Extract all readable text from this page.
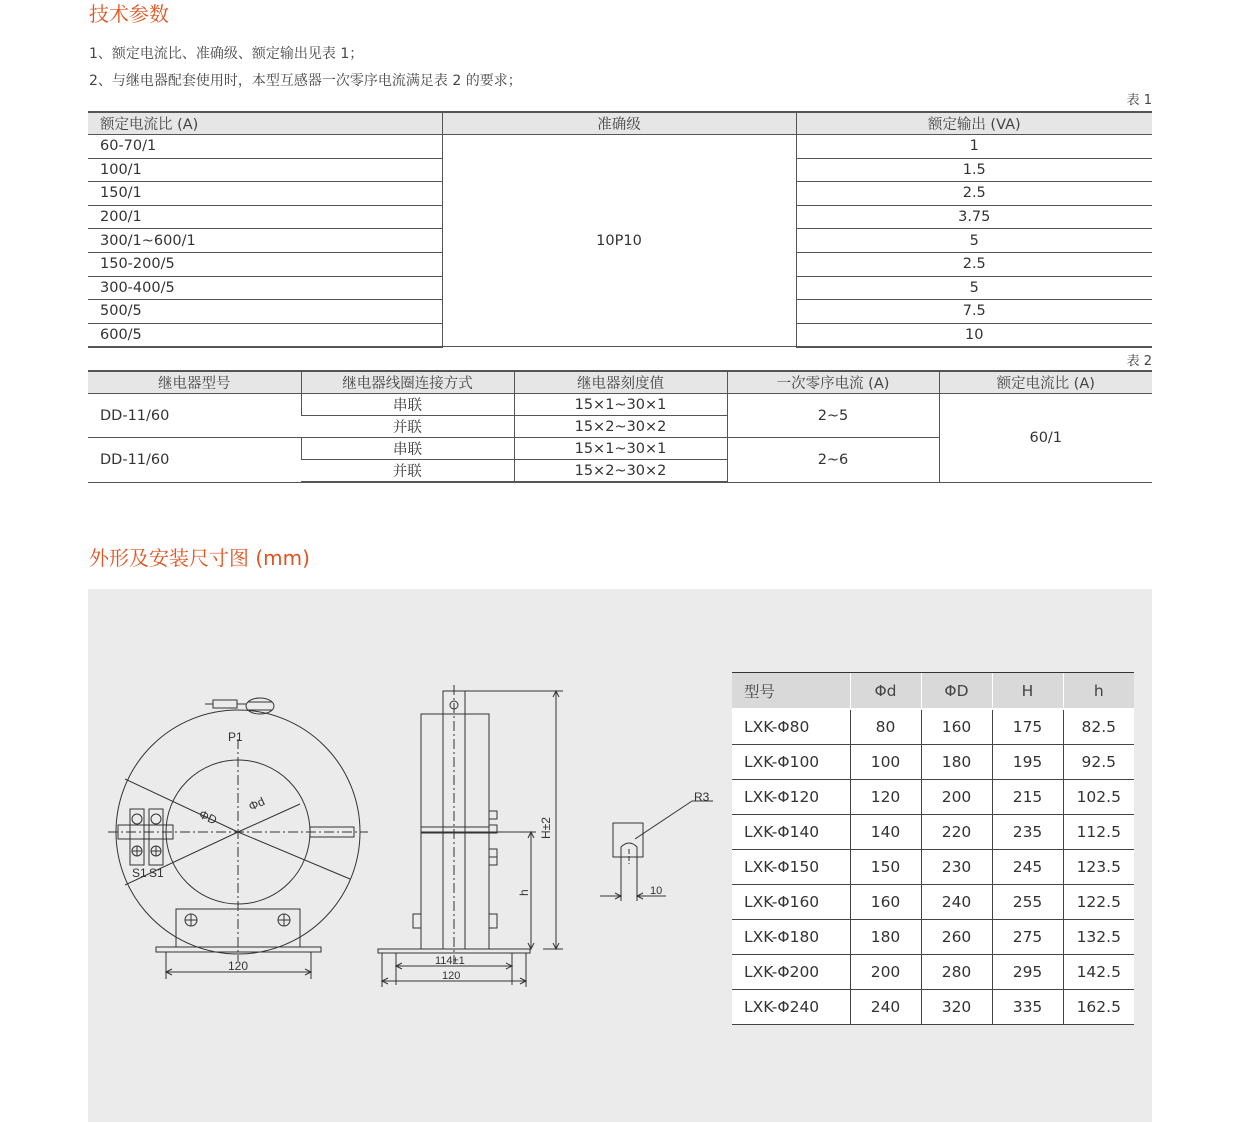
技术参数
1、额定电流比、准确级、额定输出见表 1；
2、与继电器配套使用时，本型互感器一次零序电流满足表 2 的要求；
表 1
额定电流比 (A)	准确级	额定输出 (VA)
60-70/1	10P10	1
100/1		1.5
150/1		2.5
200/1		3.75
300/1~600/1		5
150-200/5		2.5
300-400/5		5
500/5		7.5
600/5		10
表 2
继电器型号	继电器线圈连接方式	继电器刻度值	一次零序电流 (A)	额定电流比 (A)
DD-11/60	串联	15×1~30×1	2~5	60/1
	并联	15×2~30×2		
DD-11/60	串联	15×1~30×1	2~6	
	并联	15×2~30×2		
外形及安装尺寸图 (mm)
P1
ΦD
Φd
S1 S1
120	114±1
120
H±2
h
R3
10
型号	Φd	ΦD	H	h
LXK-Φ80	80	160	175	82.5
LXK-Φ100	100	180	195	92.5
LXK-Φ120	120	200	215	102.5
LXK-Φ140	140	220	235	112.5
LXK-Φ150	150	230	245	123.5
LXK-Φ160	160	240	255	122.5
LXK-Φ180	180	260	275	132.5
LXK-Φ200	200	280	295	142.5
LXK-Φ240	240	320	335	162.5
